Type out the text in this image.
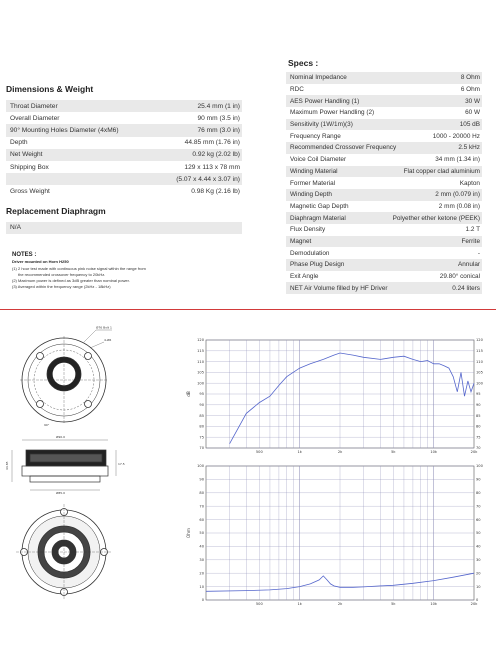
Dimensions & Weight
Throat Diameter	25.4 mm (1 in)
Overall Diameter	90 mm (3.5 in)
90° Mounting Holes Diameter (4xM6)	76 mm (3.0 in)
Depth	44.85 mm (1.76 in)
Net Weight	0.92 kg (2.02 lb)
Shipping Box	129 x 113 x 78 mm
(5.07 x 4.44 x 3.07 in)
Gross Weight	0.98 Kg (2.16 lb)
Replacement Diaphragm
N/A
NOTES :
Driver mounted on Horn H250
(1) 2 hour test made with continuous pink noise signal within the range from
the recommended crossover frequency to 20kHz.
(2) Maximum power is defined as 3dB greater than nominal power.
(3) Averaged within the frequency range (2kHz - 18kHz)
Specs :
Nominal Impedance	8 Ohm
RDC	6 Ohm
AES Power Handling (1)	30 W
Maximum Power Handling (2)	60 W
Sensitivity (1W/1m)(3)	105 dB
Frequency Range	1000 - 20000 Hz
Recommended Crossover Frequency	2.5 kHz
Voice Coil Diameter	34 mm (1.34 in)
Winding Material	Flat copper clad aluminium
Former Material	Kapton
Winding Depth	2 mm (0.079 in)
Magnetic Gap Depth	2 mm (0.08 in)
Diaphragm Material	Polyether ether ketone (PEEK)
Flux Density	1.2 T
Magnet	Ferrite
Demodulation	-
Phase Plug Design	Annular
Exit Angle	29.80° conical
NET Air Volume filled by HF Driver	0.24 liters
Ø76 Bolt 1
4-Ø6
90°
Ø90.0
44.85
Ø85.0
17.5
70	70
75	75
80	80
85	85
90	90
95	95
100	100
105	105
110	110
115	115
120	120
500	1k	2k	5k	10k	20k
dB
0	0
10	10
20	20
30	30
40	40
50	50
60	60
70	70
80	80
90	90
100	100
500	1k	2k	5k	10k	20k
Ohm
